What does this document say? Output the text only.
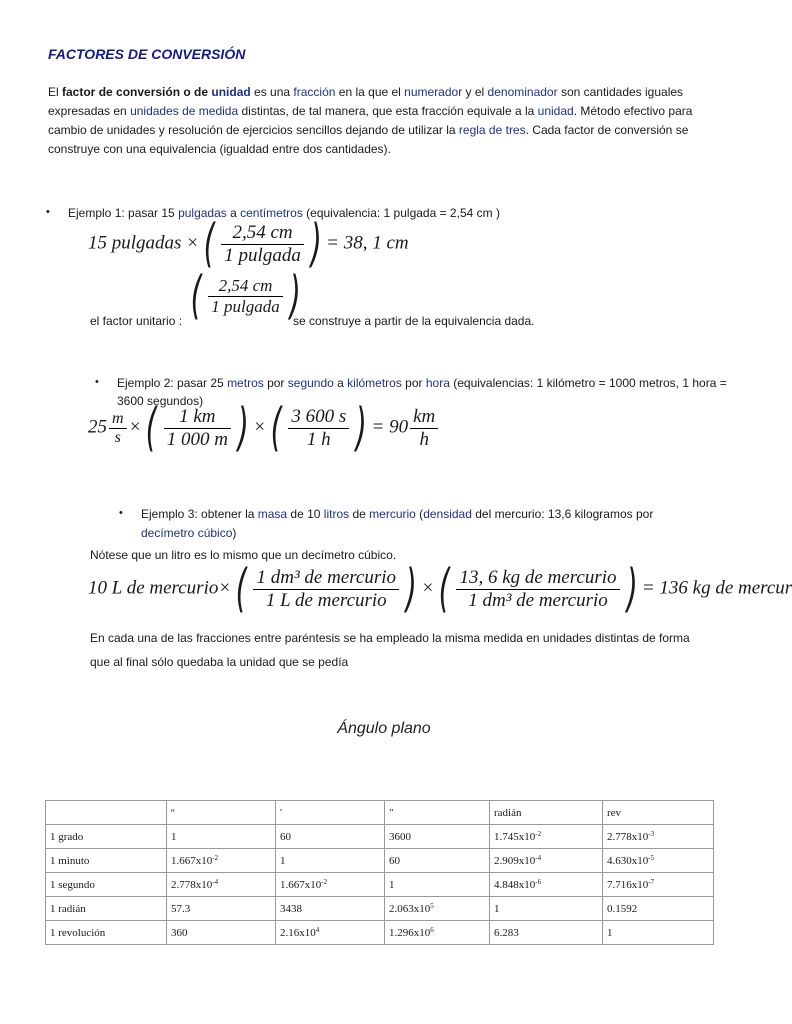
FACTORES DE CONVERSIÓN
El factor de conversión o de unidad es una fracción en la que el numerador y el denominador son cantidades iguales expresadas en unidades de medida distintas, de tal manera, que esta fracción equivale a la unidad. Método efectivo para cambio de unidades y resolución de ejercicios sencillos dejando de utilizar la regla de tres. Cada factor de conversión se construye con una equivalencia (igualdad entre dos cantidades).
• Ejemplo 1: pasar 15 pulgadas a centímetros (equivalencia: 1 pulgada = 2,54 cm )
15 pulgadas ×( $\frac{2,54 cm}{\text{1 pulgada}}$ ) = 38, 1 cm
el factor unitario : ( $\frac{2,54 cm}{\text{1 pulgada}}$ )
se construye a partir de la equivalencia dada.
• Ejemplo 2: pasar 25 metros por segundo a kilómetros por hora (equivalencias: 1 kilómetro = 1000 metros, 1 hora = 3600 segundos)
$25 \frac{m}{s}$ ×( $\frac{1 km}{1 000 m}$ ) ×( $\frac{3 600 s}{1 h}$ ) = $90 \frac{km}{h}$
• Ejemplo 3: obtener la masa de 10 litros de mercurio (densidad del mercurio: 13,6 kilogramos por decímetro cúbico)
Nótese que un litro es lo mismo que un decímetro cúbico.
10 L de mercurio×( $\frac{\text{1 dm³ de mercurio}}{\text{1 L de mercurio}}$ ) ×( $\frac{\text{13, 6 kg de mercurio}}{\text{1 dm³ de mercurio}}$ ) = 136 kg de mercur
En cada una de las fracciones entre paréntesis se ha empleado la misma medida en unidades distintas de forma
que al final sólo quedaba la unidad que se pedía
Ángulo plano
	º	'	"	radián	rev
1 grado	1	60	3600	$1.745x10^{-2}$	$2.778x10^{-3}$
1 minuto	$1.667x10^{-2}$	1	60	$2.909x10^{-4}$	$4.630x10^{-5}$
1 segundo	$2.778x10^{-4}$	$1.667x10^{-2}$	1	$4.848x10^{-6}$	$7.716x10^{-7}$
1 radián	57.3	3438	$2.063x10^5$	1	0.1592
1 revolución	360	$2.16x10^4$	$1.296x10^6$	6.283	1
